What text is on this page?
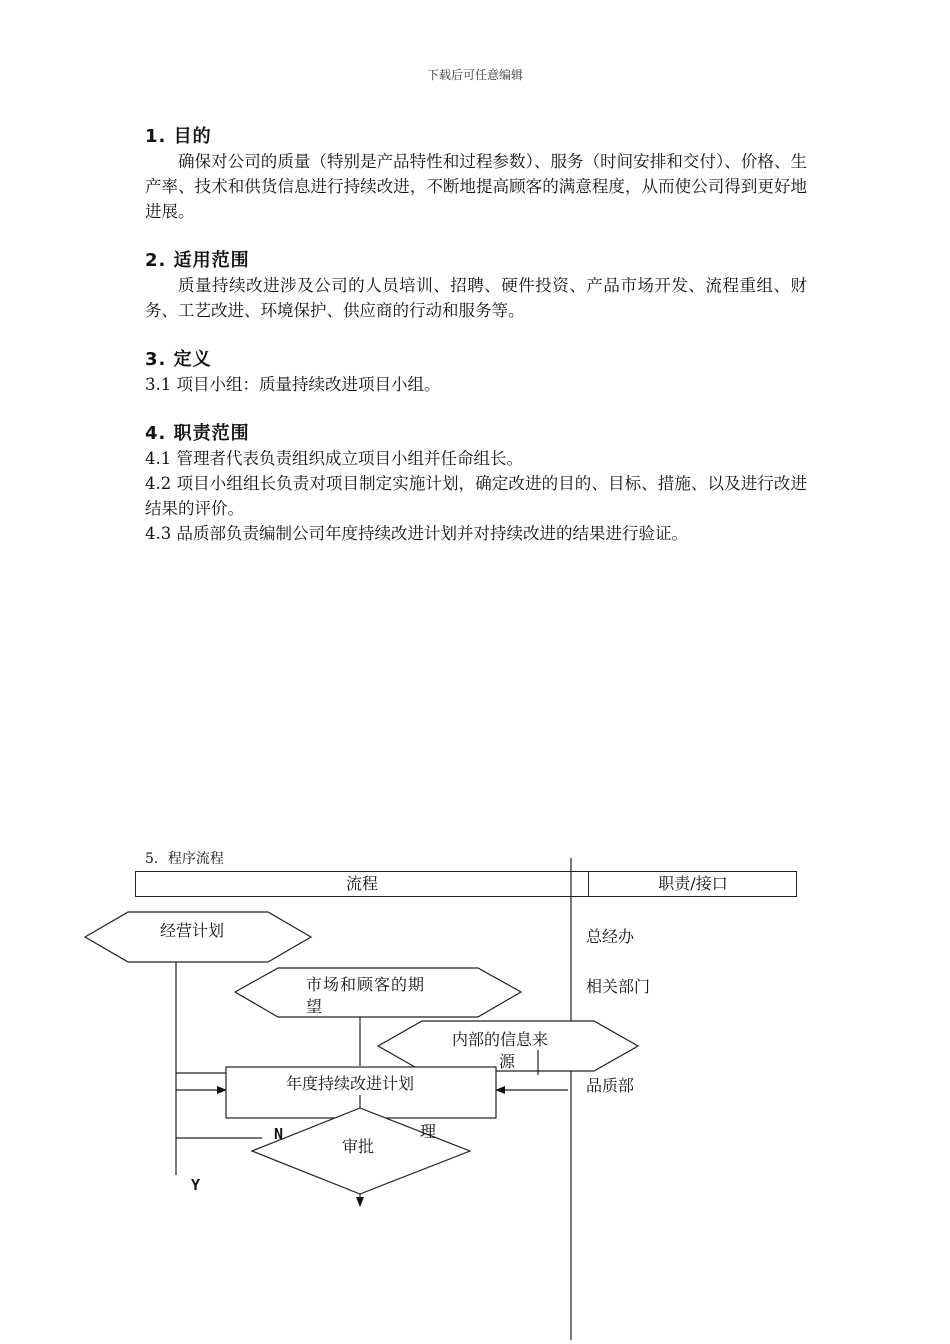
下载后可任意编辑
1. 目的

确保对公司的质量（特别是产品特性和过程参数）、服务（时间安排和交付）、价格、生产率、技术和供货信息进行持续改进，不断地提高顾客的满意程度，从而使公司得到更好地进展。

2. 适用范围

质量持续改进涉及公司的人员培训、招聘、硬件投资、产品市场开发、流程重组、财务、工艺改进、环境保护、供应商的行动和服务等。

3. 定义

3.1 项目小组：质量持续改进项目小组。

4. 职责范围

4.1 管理者代表负责组织成立项目小组并任命组长。

4.2 项目小组组长负责对项目制定实施计划，确定改进的目的、目标、措施、以及进行改进结果的评价。

4.3 品质部负责编制公司年度持续改进计划并对持续改进的结果进行验证。

5．程序流程
流程	职责/接口
经营计划
市场和顾客的期
望
内部的信息来
源
年度持续改进计划
审批
理
N
Y
总经办
相关部门
品质部
